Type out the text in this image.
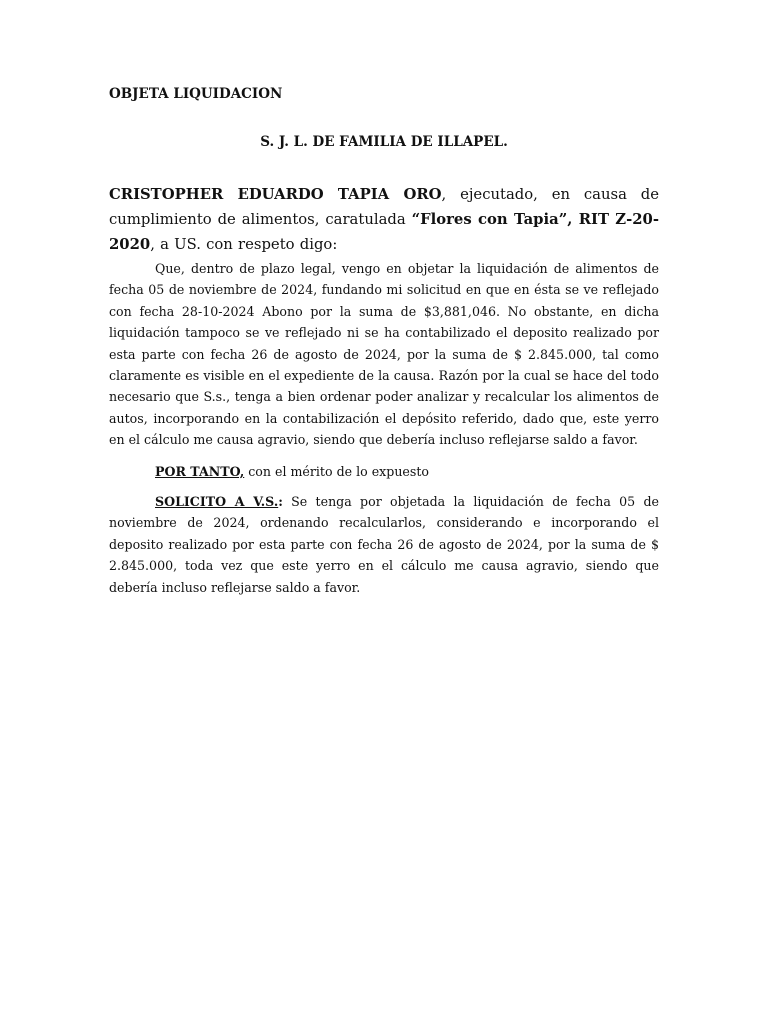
OBJETA LIQUIDACION

S. J. L. DE FAMILIA DE ILLAPEL.

CRISTOPHER EDUARDO TAPIA ORO, ejecutado, en causa de cumplimiento de alimentos, caratulada “Flores con Tapia”, RIT Z-20-2020, a US. con respeto digo:

Que, dentro de plazo legal, vengo en objetar la liquidación de alimentos de fecha 05 de noviembre de 2024, fundando mi solicitud en que en ésta se ve reflejado con fecha 28-10-2024 Abono por la suma de $3,881,046. No obstante, en dicha liquidación tampoco se ve reflejado ni se ha contabilizado el deposito realizado por esta parte con fecha 26 de agosto de 2024, por la suma de $ 2.845.000, tal como claramente es visible en el expediente de la causa. Razón por la cual se hace del todo necesario que S.s., tenga a bien ordenar poder analizar y recalcular los alimentos de autos, incorporando en la contabilización el depósito referido, dado que, este yerro en el cálculo me causa agravio, siendo que debería incluso reflejarse saldo a favor.

POR TANTO, con el mérito de lo expuesto

SOLICITO A V.S.: Se tenga por objetada la liquidación de fecha 05 de noviembre de 2024, ordenando recalcularlos, considerando e incorporando el deposito realizado por esta parte con fecha 26 de agosto de 2024, por la suma de $ 2.845.000, toda vez que este yerro en el cálculo me causa agravio, siendo que debería incluso reflejarse saldo a favor.
